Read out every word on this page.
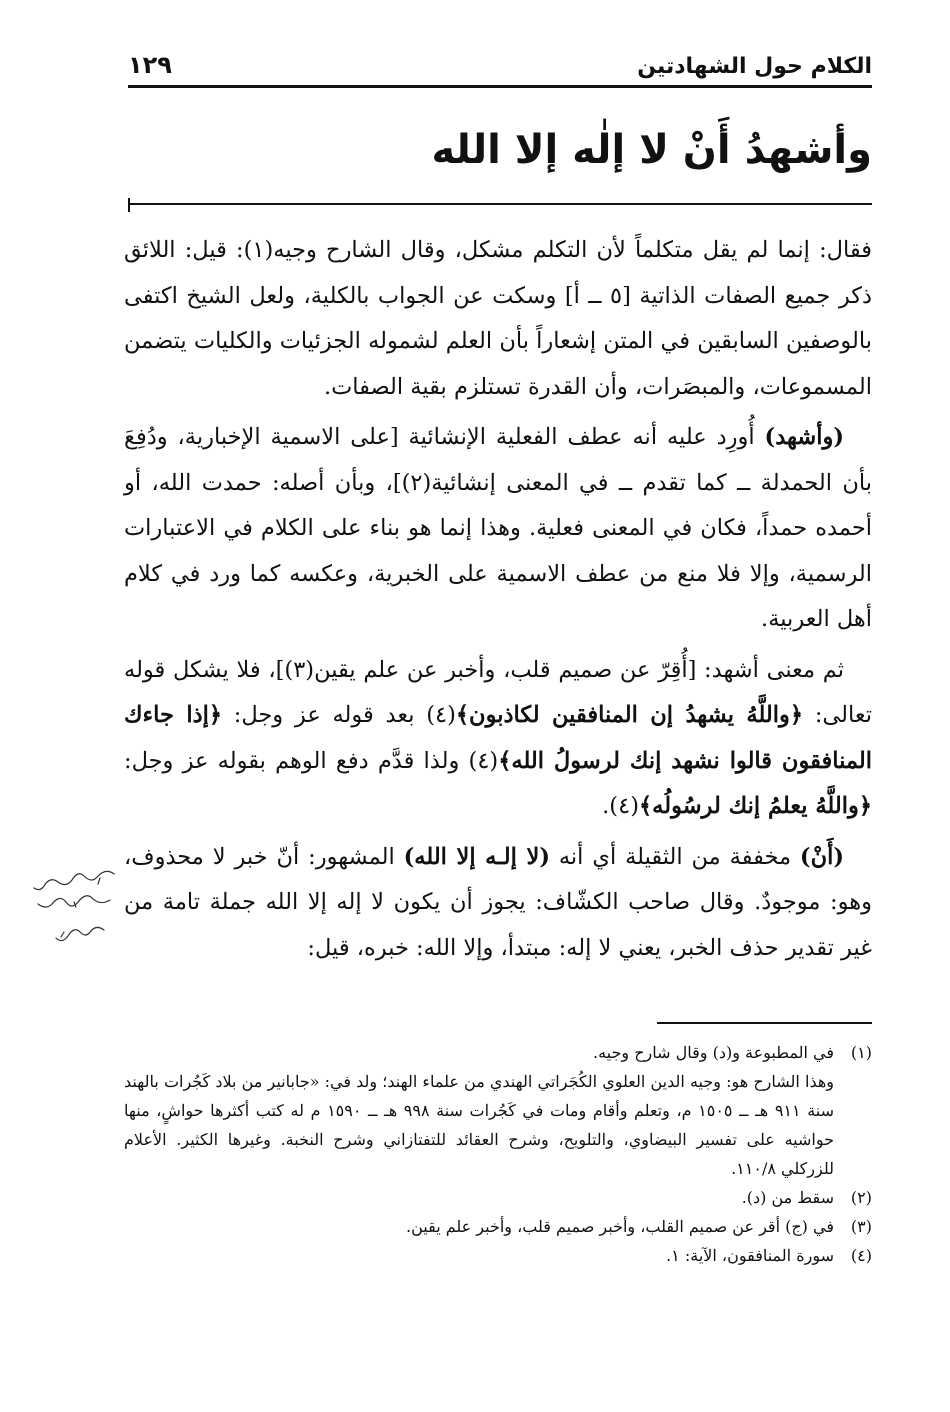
الكلام حول الشهادتين
١٢٩
وأشهدُ أَنْ لا إلٰه إلا الله

فقال: إنما لم يقل متكلماً لأن التكلم مشكل، وقال الشارح وجيه(١): قيل: اللائق ذكر جميع الصفات الذاتية [٥ ــ أ] وسكت عن الجواب بالكلية، ولعل الشيخ اكتفى بالوصفين السابقين في المتن إشعاراً بأن العلم لشموله الجزئيات والكليات يتضمن المسموعات، والمبصَرات، وأن القدرة تستلزم بقية الصفات.

(وأشهد) أُورِد عليه أنه عطف الفعلية الإنشائية [على الاسمية الإخبارية، ودُفِعَ بأن الحمدلة ــ كما تقدم ــ في المعنى إنشائية(٢)]، وبأن أصله: حمدت الله، أو أحمده حمداً، فكان في المعنى فعلية. وهذا إنما هو بناء على الكلام في الاعتبارات الرسمية، وإلا فلا منع من عطف الاسمية على الخبرية، وعكسه كما ورد في كلام أهل العربية.

ثم معنى أشهد: [أُقِرّ عن صميم قلب، وأخبر عن علم يقين(٣)]، فلا يشكل قوله تعالى: ﴿واللَّهُ يشهدُ إن المنافقين لكاذبون﴾(٤) بعد قوله عز وجل: ﴿إذا جاءك المنافقون قالوا نشهد إنك لرسولُ الله﴾(٤) ولذا قدَّم دفع الوهم بقوله عز وجل: ﴿واللَّهُ يعلمُ إنك لرسُولُه﴾(٤).

(أَنْ) مخففة من الثقيلة أي أنه (لا إلـه إلا الله) المشهور: أنّ خبر لا محذوف، وهو: موجودٌ. وقال صاحب الكشّاف: يجوز أن يكون لا إله إلا الله جملة تامة من غير تقدير حذف الخبر، يعني لا إله: مبتدأ، وإلا الله: خبره، قيل:

(١)
في المطبوعة و(د) وقال شارح وجيه.
وهذا الشارح هو: وجيه الدين العلوي الكُجَراتي الهندي من علماء الهند؛ ولد في: «جابانير من بلاد كَجُرات بالهند سنة ٩١١ هـ ــ ١٥٠٥ م، وتعلم وأقام ومات في كَجُرات سنة ٩٩٨ هـ ــ ١٥٩٠ م له كتب أكثرها حواشٍ، منها حواشيه على تفسير البيضاوي، والتلويح، وشرح العقائد للتفتازاني وشرح النخبة. وغيرها الكثير. الأعلام للزركلي ١١٠/٨.
(٢)
سقط من (د).
(٣)
في (ج) أقر عن صميم القلب، وأخبر صميم قلب، وأخبر علم يقين.
(٤)
سورة المنافقون، الآية: ١.
